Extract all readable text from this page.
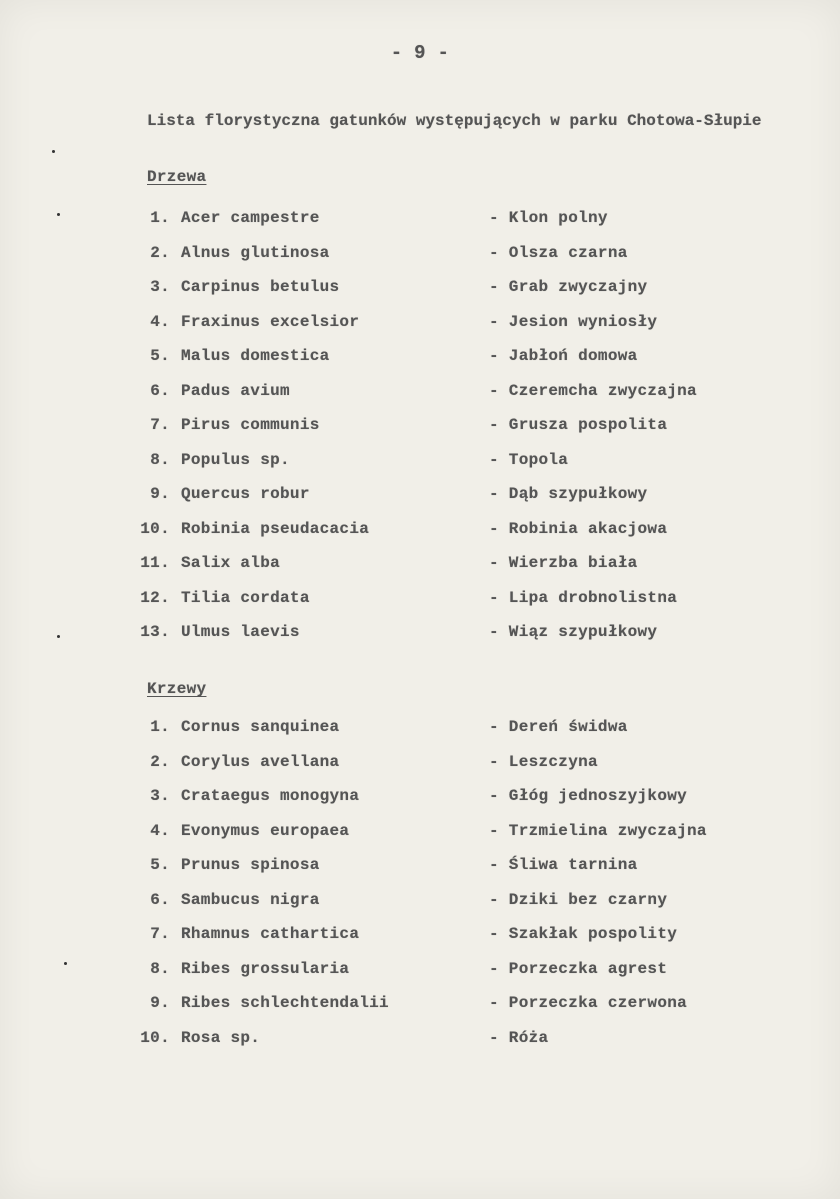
- 9 -
Lista florystyczna gatunków występujących w parku Chotowa-Słupie
Drzewa
1. Acer campestre	- Klon polny
2. Alnus glutinosa	- Olsza czarna
3. Carpinus betulus	- Grab zwyczajny
4. Fraxinus excelsior	- Jesion wyniosły
5. Malus domestica	- Jabłoń domowa
6. Padus avium	- Czeremcha zwyczajna
7. Pirus communis	- Grusza pospolita
8. Populus sp.	- Topola
9. Quercus robur	- Dąb szypułkowy
10. Robinia pseudacacia	- Robinia akacjowa
11. Salix alba	- Wierzba biała
12. Tilia cordata	- Lipa drobnolistna
13. Ulmus laevis	- Wiąz szypułkowy
Krzewy
1. Cornus sanquinea	- Dereń świdwa
2. Corylus avellana	- Leszczyna
3. Crataegus monogyna	- Głóg jednoszyjkowy
4. Evonymus europaea	- Trzmielina zwyczajna
5. Prunus spinosa	- Śliwa tarnina
6. Sambucus nigra	- Dziki bez czarny
7. Rhamnus cathartica	- Szakłak pospolity
8. Ribes grossularia	- Porzeczka agrest
9. Ribes schlechtendalii	- Porzeczka czerwona
10. Rosa sp.	- Róża
